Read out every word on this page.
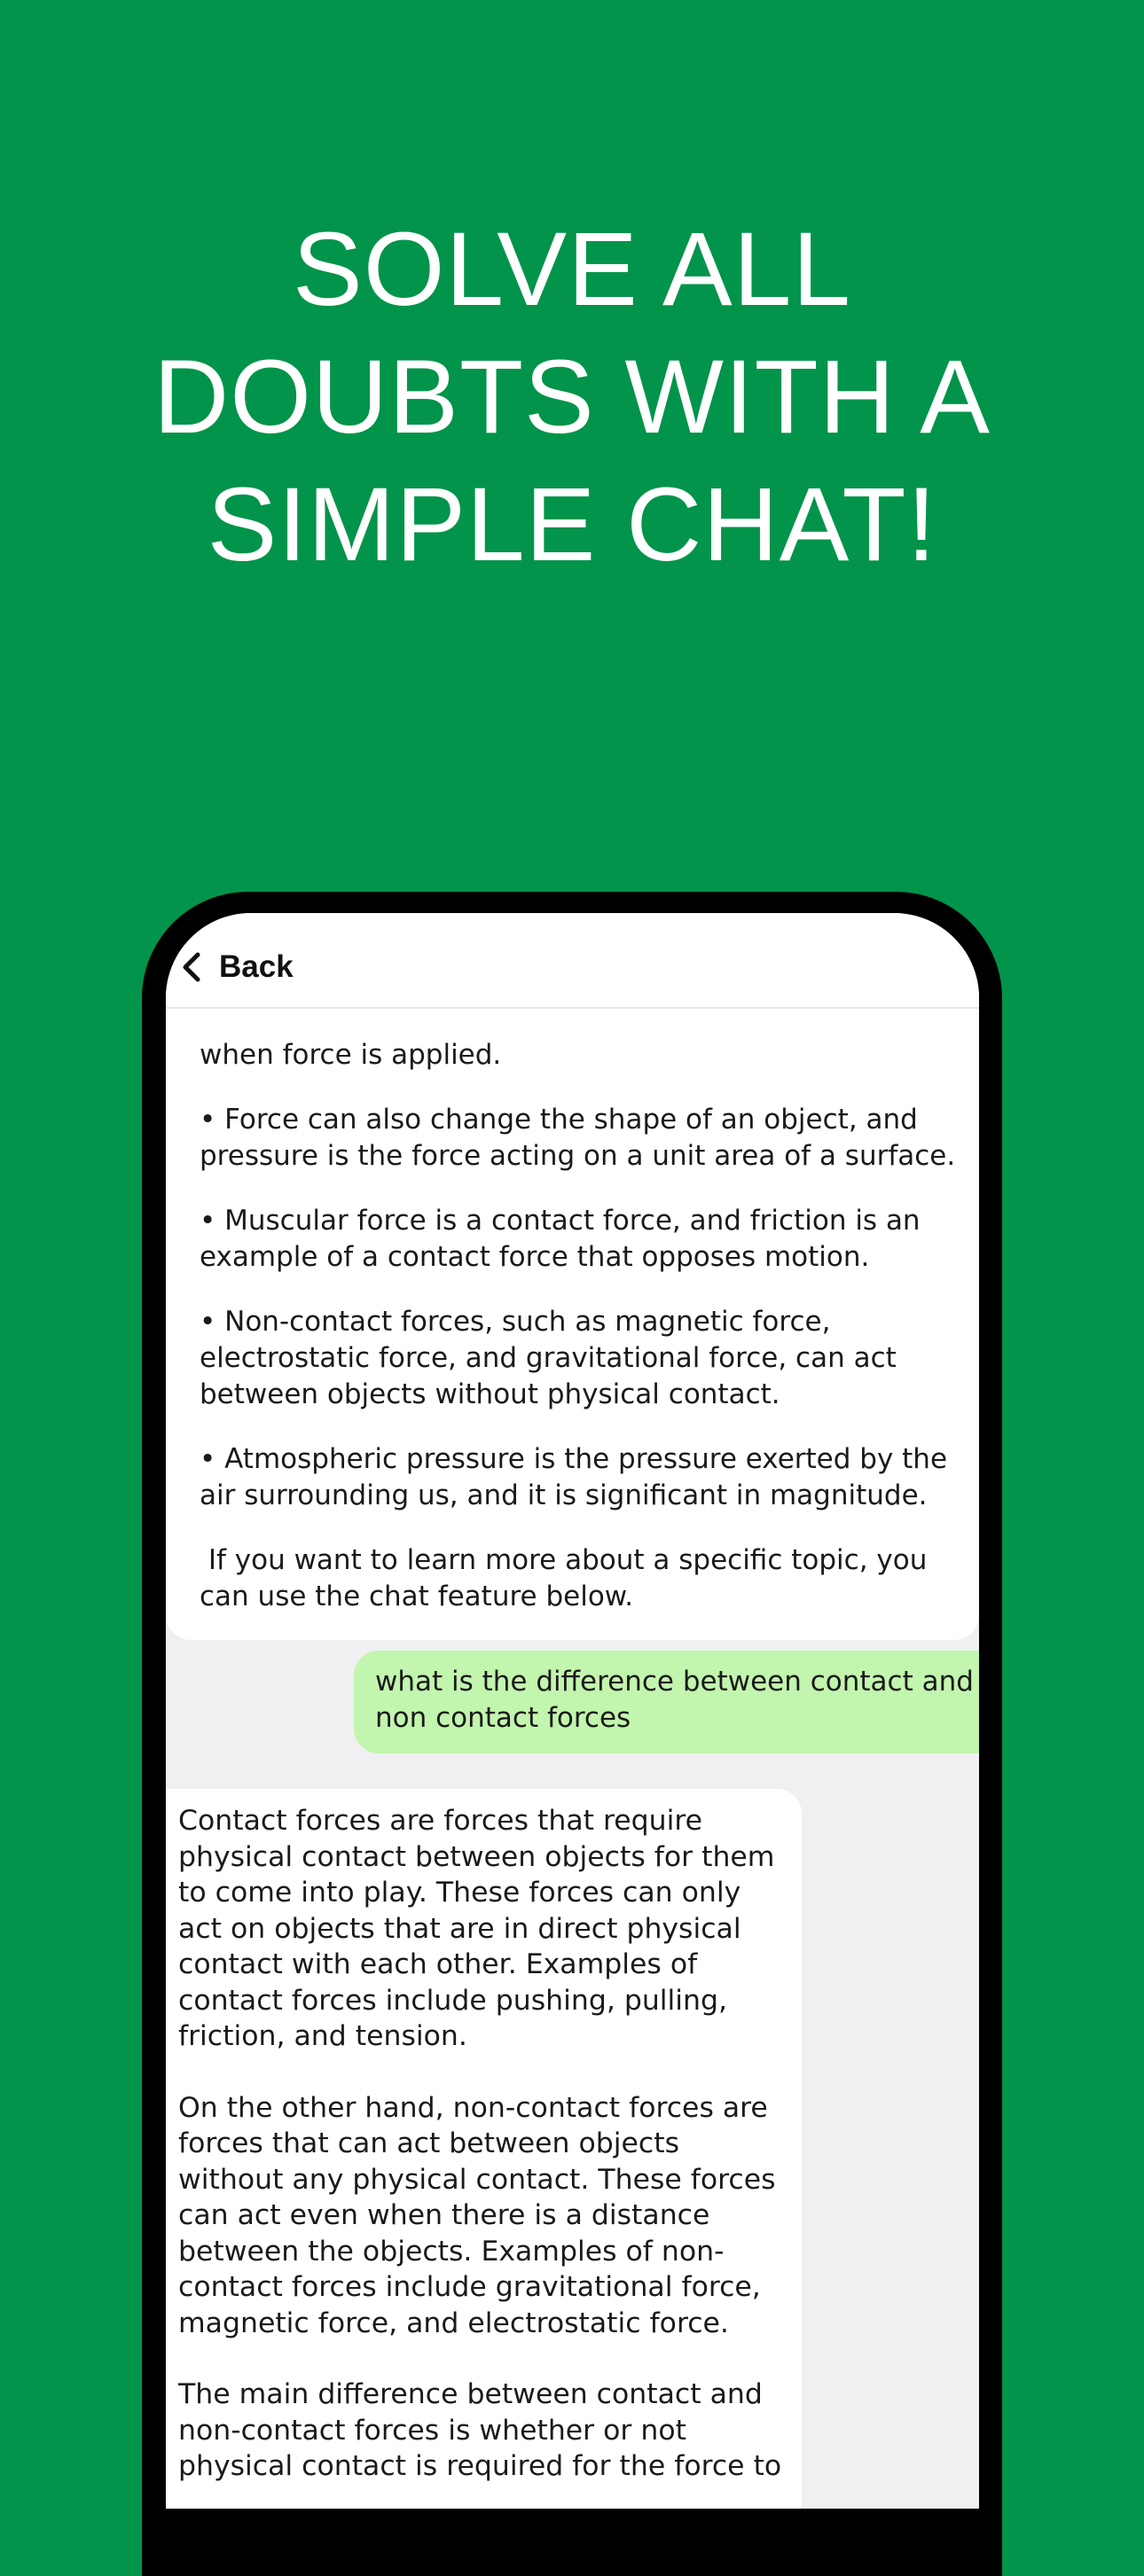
SOLVE ALL
DOUBTS WITH A
SIMPLE CHAT!

when force is applied.

• Force can also change the shape of an object, and pressure is the force acting on a unit area of a surface.

• Muscular force is a contact force, and friction is an example of a contact force that opposes motion.

• Non-contact forces, such as magnetic force, electrostatic force, and gravitational force, can act between objects without physical contact.

• Atmospheric pressure is the pressure exerted by the air surrounding us, and it is significant in magnitude.

If you want to learn more about a specific topic, you can use the chat feature below.

what is the difference between contact and non contact forces

Contact forces are forces that require physical contact between objects for them to come into play. These forces can only act on objects that are in direct physical contact with each other. Examples of contact forces include pushing, pulling, friction, and tension.

On the other hand, non-contact forces are forces that can act between objects without any physical contact. These forces can act even when there is a distance between the objects. Examples of non-contact forces include gravitational force, magnetic force, and electrostatic force.

The main difference between contact and non-contact forces is whether or not physical contact is required for the force to

Back
